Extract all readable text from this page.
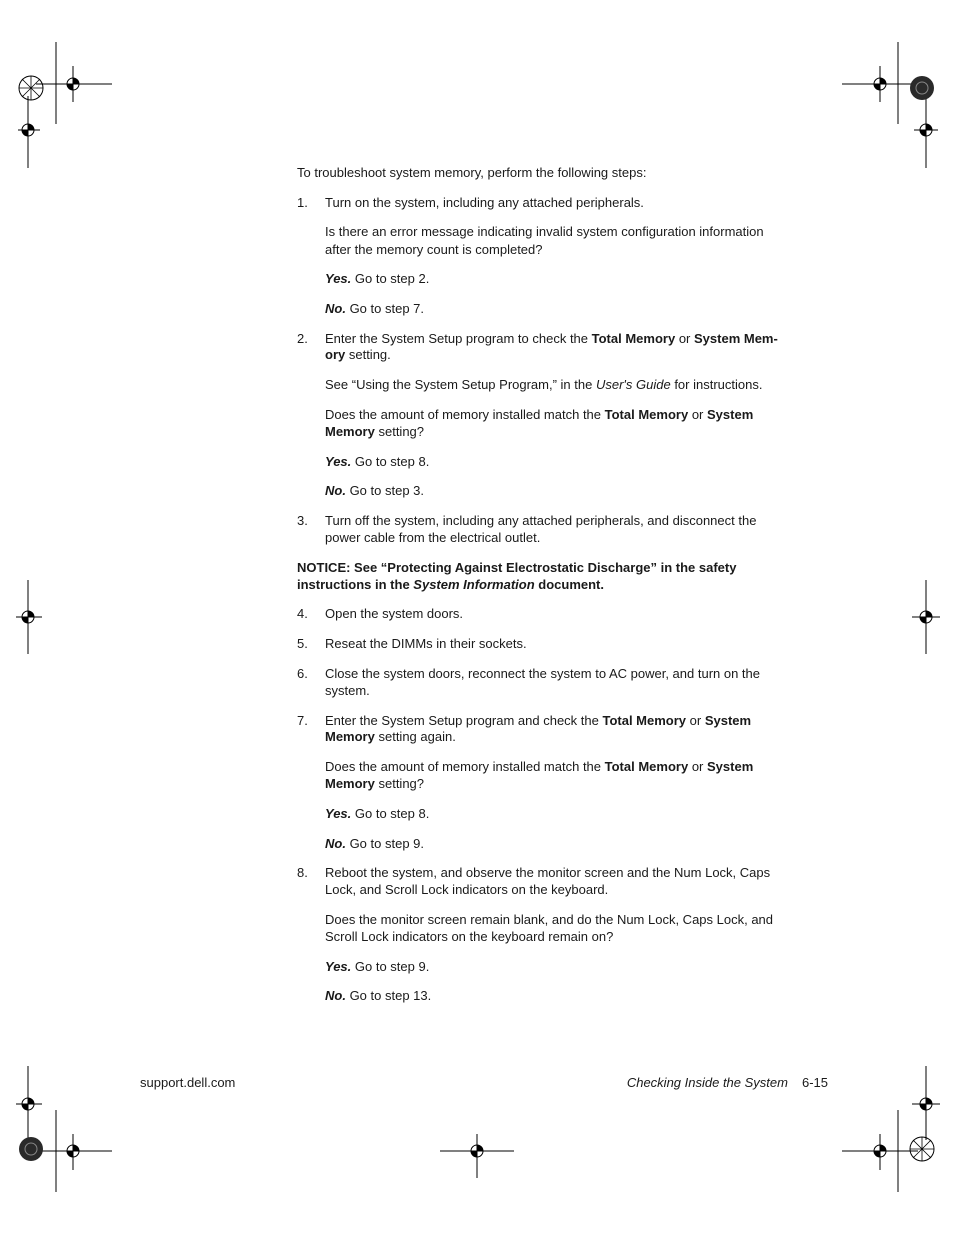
To troubleshoot system memory, perform the following steps:
1. Turn on the system, including any attached peripherals.
Is there an error message indicating invalid system configuration information
after the memory count is completed?
Yes. Go to step 2.
No. Go to step 7.
2. Enter the System Setup program to check the Total Memory or System Mem-
ory setting.
See “Using the System Setup Program,” in the User's Guide for instructions.
Does the amount of memory installed match the Total Memory or System
Memory setting?
Yes. Go to step 8.
No. Go to step 3.
3. Turn off the system, including any attached peripherals, and disconnect the
power cable from the electrical outlet.
NOTICE: See “Protecting Against Electrostatic Discharge” in the safety
instructions in the System Information document.
4. Open the system doors.
5. Reseat the DIMMs in their sockets.
6. Close the system doors, reconnect the system to AC power, and turn on the
system.
7. Enter the System Setup program and check the Total Memory or System
Memory setting again.
Does the amount of memory installed match the Total Memory or System
Memory setting?
Yes. Go to step 8.
No. Go to step 9.
8. Reboot the system, and observe the monitor screen and the Num Lock, Caps
Lock, and Scroll Lock indicators on the keyboard.
Does the monitor screen remain blank, and do the Num Lock, Caps Lock, and
Scroll Lock indicators on the keyboard remain on?
Yes. Go to step 9.
No. Go to step 13.
support.dell.com	Checking Inside the System 6-15
